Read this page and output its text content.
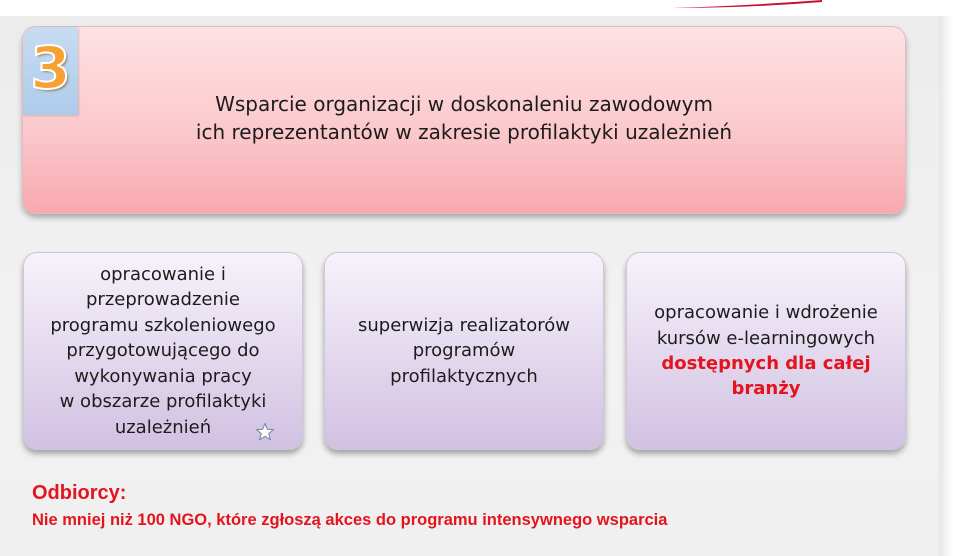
3
Wsparcie organizacji w doskonaleniu zawodowym
ich reprezentantów w zakresie profilaktyki uzależnień
opracowanie i
przeprowadzenie
programu szkoleniowego
przygotowującego do
wykonywania pracy
w obszarze profilaktyki
uzależnień
superwizja realizatorów
programów
profilaktycznych
opracowanie i wdrożenie
kursów e-learningowych
dostępnych dla całej
branży
Odbiorcy:
Nie mniej niż 100 NGO, które zgłoszą akces do programu intensywnego wsparcia
